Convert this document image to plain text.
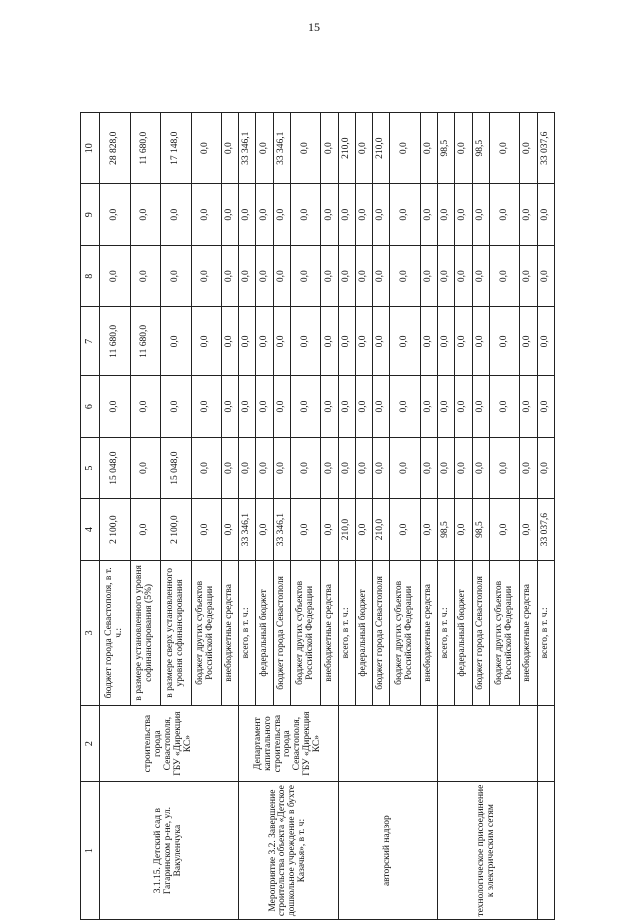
15
1	2	3	4	5	6	7	8	9	10
3.1.15. Детский сад в Гагаринском р-не, ул. Вакуленчука	строительства города Севастополя, ГБУ «Дирекция КС»	бюджет города Севастополя, в т. ч.:	2 100,0	15 048,0	0,0	11 680,0	0,0	0,0	28 828,0
		в размере установленного уровня софинансирования (5%)	0,0	0,0	0,0	11 680,0	0,0	0,0	11 680,0
		в размере сверх установленного уровня софинансирования	2 100,0	15 048,0	0,0	0,0	0,0	0,0	17 148,0
		бюджет других субъектов Российской Федерации	0,0	0,0	0,0	0,0	0,0	0,0	0,0
		внебюджетные средства	0,0	0,0	0,0	0,0	0,0	0,0	0,0
Мероприятие 3.2. Завершение строительства объекта «Детское дошкольное учреждение в бухте Казачья», в т. ч:	Департамент капитального строительства города Севастополя, ГБУ «Дирекция КС»	всего, в т. ч.:	33 346,1	0,0	0,0	0,0	0,0	0,0	33 346,1
		федеральный бюджет	0,0	0,0	0,0	0,0	0,0	0,0	0,0
		бюджет города Севастополя	33 346,1	0,0	0,0	0,0	0,0	0,0	33 346,1
		бюджет других субъектов Российской Федерации	0,0	0,0	0,0	0,0	0,0	0,0	0,0
		внебюджетные средства	0,0	0,0	0,0	0,0	0,0	0,0	0,0
авторский надзор		всего, в т. ч.:	210,0	0,0	0,0	0,0	0,0	0,0	210,0
		федеральный бюджет	0,0	0,0	0,0	0,0	0,0	0,0	0,0
		бюджет города Севастополя	210,0	0,0	0,0	0,0	0,0	0,0	210,0
		бюджет других субъектов Российской Федерации	0,0	0,0	0,0	0,0	0,0	0,0	0,0
		внебюджетные средства	0,0	0,0	0,0	0,0	0,0	0,0	0,0
технологическое присоединение к электрическим сетям		всего, в т. ч.:	98,5	0,0	0,0	0,0	0,0	0,0	98,5
		федеральный бюджет	0,0	0,0	0,0	0,0	0,0	0,0	0,0
		бюджет города Севастополя	98,5	0,0	0,0	0,0	0,0	0,0	98,5
		бюджет других субъектов Российской Федерации	0,0	0,0	0,0	0,0	0,0	0,0	0,0
		внебюджетные средства	0,0	0,0	0,0	0,0	0,0	0,0	0,0
		всего, в т. ч.:	33 037,6	0,0	0,0	0,0	0,0	0,0	33 037,6
